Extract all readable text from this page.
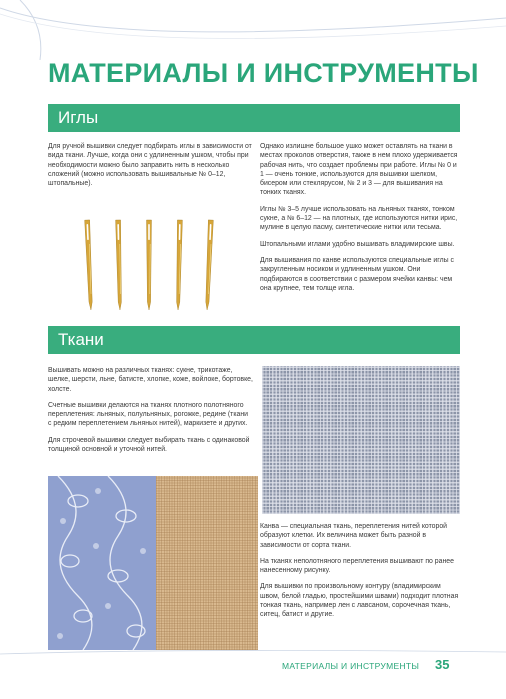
МАТЕРИАЛЫ И ИНСТРУМЕНТЫ
Иглы

Для ручной вышивки следует подбирать иглы в зависимости от вида ткани. Лучше, когда они с удлиненным ушком, чтобы при необходимости можно было заправить нить в несколько сложений (можно использовать вышивальные № 0–12, штопальные).

Однако излишне большое ушко может оставлять на ткани в местах проколов отверстия, также в нем плохо удерживается рабочая нить, что создает проблемы при работе. Иглы № 0 и 1 — очень тонкие, используются для вышивки шелком, бисером или стеклярусом, № 2 и 3 — для вышивания на тонких тканях.

Иглы № 3–5 лучше использовать на льняных тканях, тонком сукне, а № 6–12 — на плотных, где используются нитки ирис, мулине в целую пасму, синтетические нитки или тесьма.

Штопальными иглами удобно вышивать владимирские швы.

Для вышивания по канве используются специальные иглы с закругленным носиком и удлиненным ушком. Они подбираются в соответствии с размером ячейки канвы: чем она крупнее, тем толще игла.

Ткани

Вышивать можно на различных тканях: сукне, трикотаже, шелке, шерсти, льне, батисте, хлопке, коже, войлоке, бортовке, холсте.

Счетные вышивки делаются на тканях плотного полотняного переплетения: льняных, полульняных, рогожке, редине (ткани с редким переплетением льняных нитей), маркизете и других.

Для строчевой вышивки следует выбирать ткань с одинаковой толщиной основной и уточной нитей.

Канва — специальная ткань, переплетения нитей которой образуют клетки. Их величина может быть разной в зависимости от сорта ткани.

На тканях неполотняного переплетения вышивают по ранее нанесенному рисунку.

Для вышивки по произвольному контуру (владимирским швом, белой гладью, простейшими швами) подходит плотная тонкая ткань, например лен с лавсаном, сорочечная ткань, ситец, батист и другие.

МАТЕРИАЛЫ И ИНСТРУМЕНТЫ 35
